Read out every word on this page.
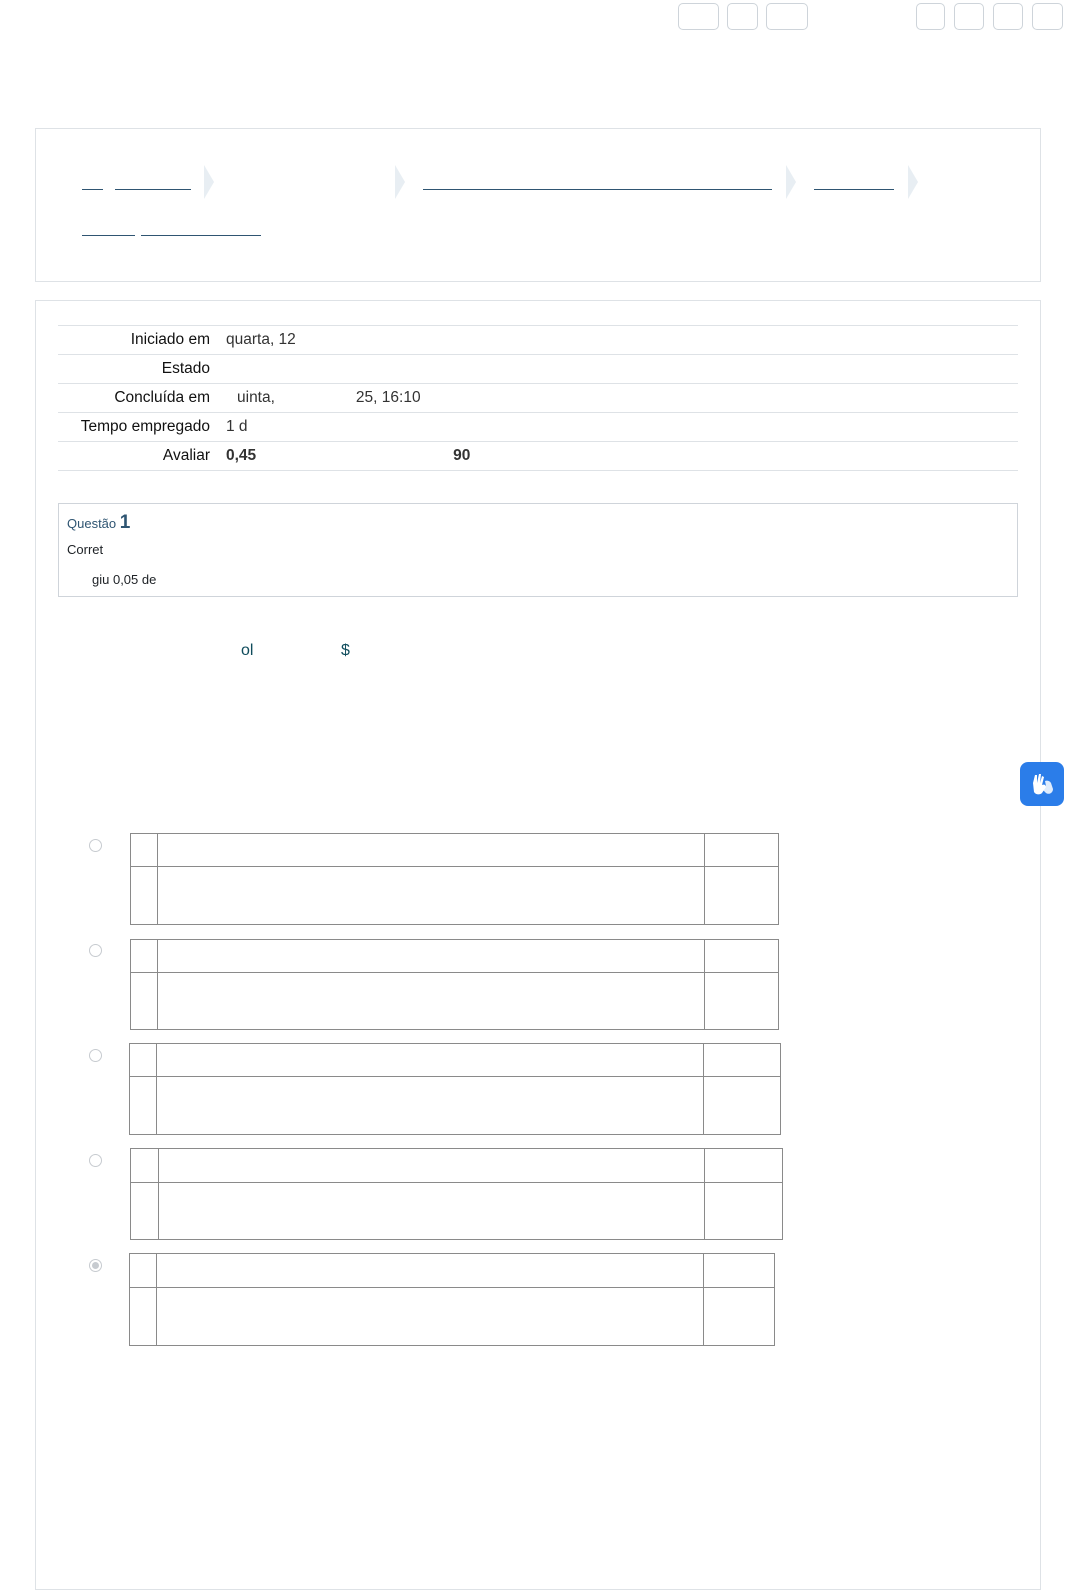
Iniciado em	quarta, 12
Estado	
Concluída em	uinta, 25, 16:10
Tempo empregado	1 d
Avaliar	0,45 90
Questão 1
Corret
giu 0,05 de
ol	$
